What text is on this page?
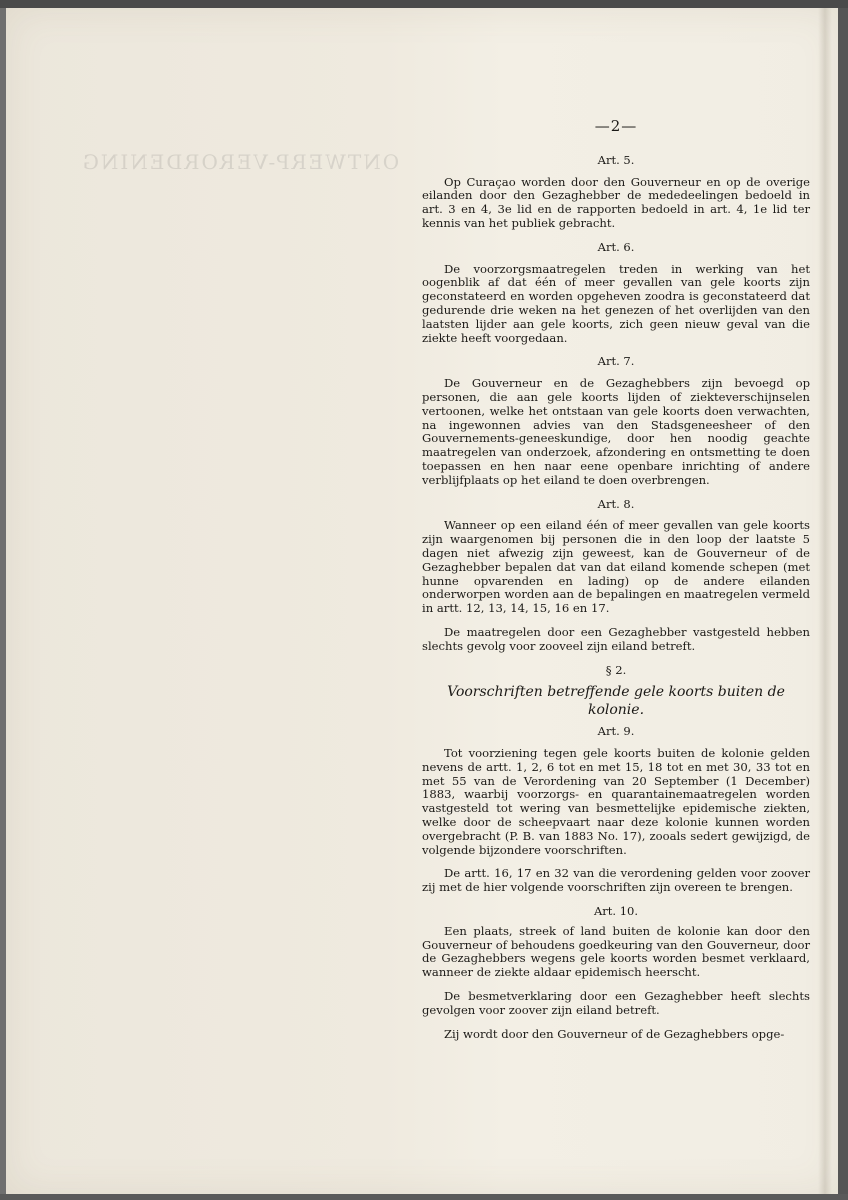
ONTWERP-VERORDENING

—2—
Art. 5.

Op Curaçao worden door den Gouverneur en op de overige eilanden door den Gezaghebber de mededeelingen bedoeld in art. 3 en 4, 3e lid en de rapporten bedoeld in art. 4, 1e lid ter kennis van het publiek gebracht.

Art. 6.

De voorzorgsmaatregelen treden in werking van het oogenblik af dat één of meer gevallen van gele koorts zijn geconstateerd en worden opgeheven zoodra is geconstateerd dat gedurende drie weken na het genezen of het overlijden van den laatsten lijder aan gele koorts, zich geen nieuw geval van die ziekte heeft voorgedaan.

Art. 7.

De Gouverneur en de Gezaghebbers zijn bevoegd op personen, die aan gele koorts lijden of ziekteverschijnselen vertoonen, welke het ontstaan van gele koorts doen verwachten, na ingewonnen advies van den Stadsgeneesheer of den Gouvernements-geneeskundige, door hen noodig geachte maatregelen van onderzoek, afzondering en ontsmetting te doen toepassen en hen naar eene openbare inrichting of andere verblijfplaats op het eiland te doen overbrengen.

Art. 8.

Wanneer op een eiland één of meer gevallen van gele koorts zijn waargenomen bij personen die in den loop der laatste 5 dagen niet afwezig zijn geweest, kan de Gouverneur of de Gezaghebber bepalen dat van dat eiland komende schepen (met hunne opvarenden en lading) op de andere eilanden onderworpen worden aan de bepalingen en maatregelen vermeld in artt. 12, 13, 14, 15, 16 en 17.

De maatregelen door een Gezaghebber vastgesteld hebben slechts gevolg voor zooveel zijn eiland betreft.

§ 2.
Voorschriften betreffende gele koorts buiten de kolonie.
Art. 9.

Tot voorziening tegen gele koorts buiten de kolonie gelden nevens de artt. 1, 2, 6 tot en met 15, 18 tot en met 30, 33 tot en met 55 van de Verordening van 20 September (1 December) 1883, waarbij voorzorgs- en quarantainemaatregelen worden vastgesteld tot wering van besmettelijke epidemische ziekten, welke door de scheepvaart naar deze kolonie kunnen worden overgebracht (P. B. van 1883 No. 17), zooals sedert gewijzigd, de volgende bijzondere voorschriften.

De artt. 16, 17 en 32 van die verordening gelden voor zoover zij met de hier volgende voorschriften zijn overeen te brengen.

Art. 10.

Een plaats, streek of land buiten de kolonie kan door den Gouverneur of behoudens goedkeuring van den Gouverneur, door de Gezaghebbers wegens gele koorts worden besmet verklaard, wanneer de ziekte aldaar epidemisch heerscht.

De besmetverklaring door een Gezaghebber heeft slechts gevolgen voor zoover zijn eiland betreft.

Zij wordt door den Gouverneur of de Gezaghebbers opge-
